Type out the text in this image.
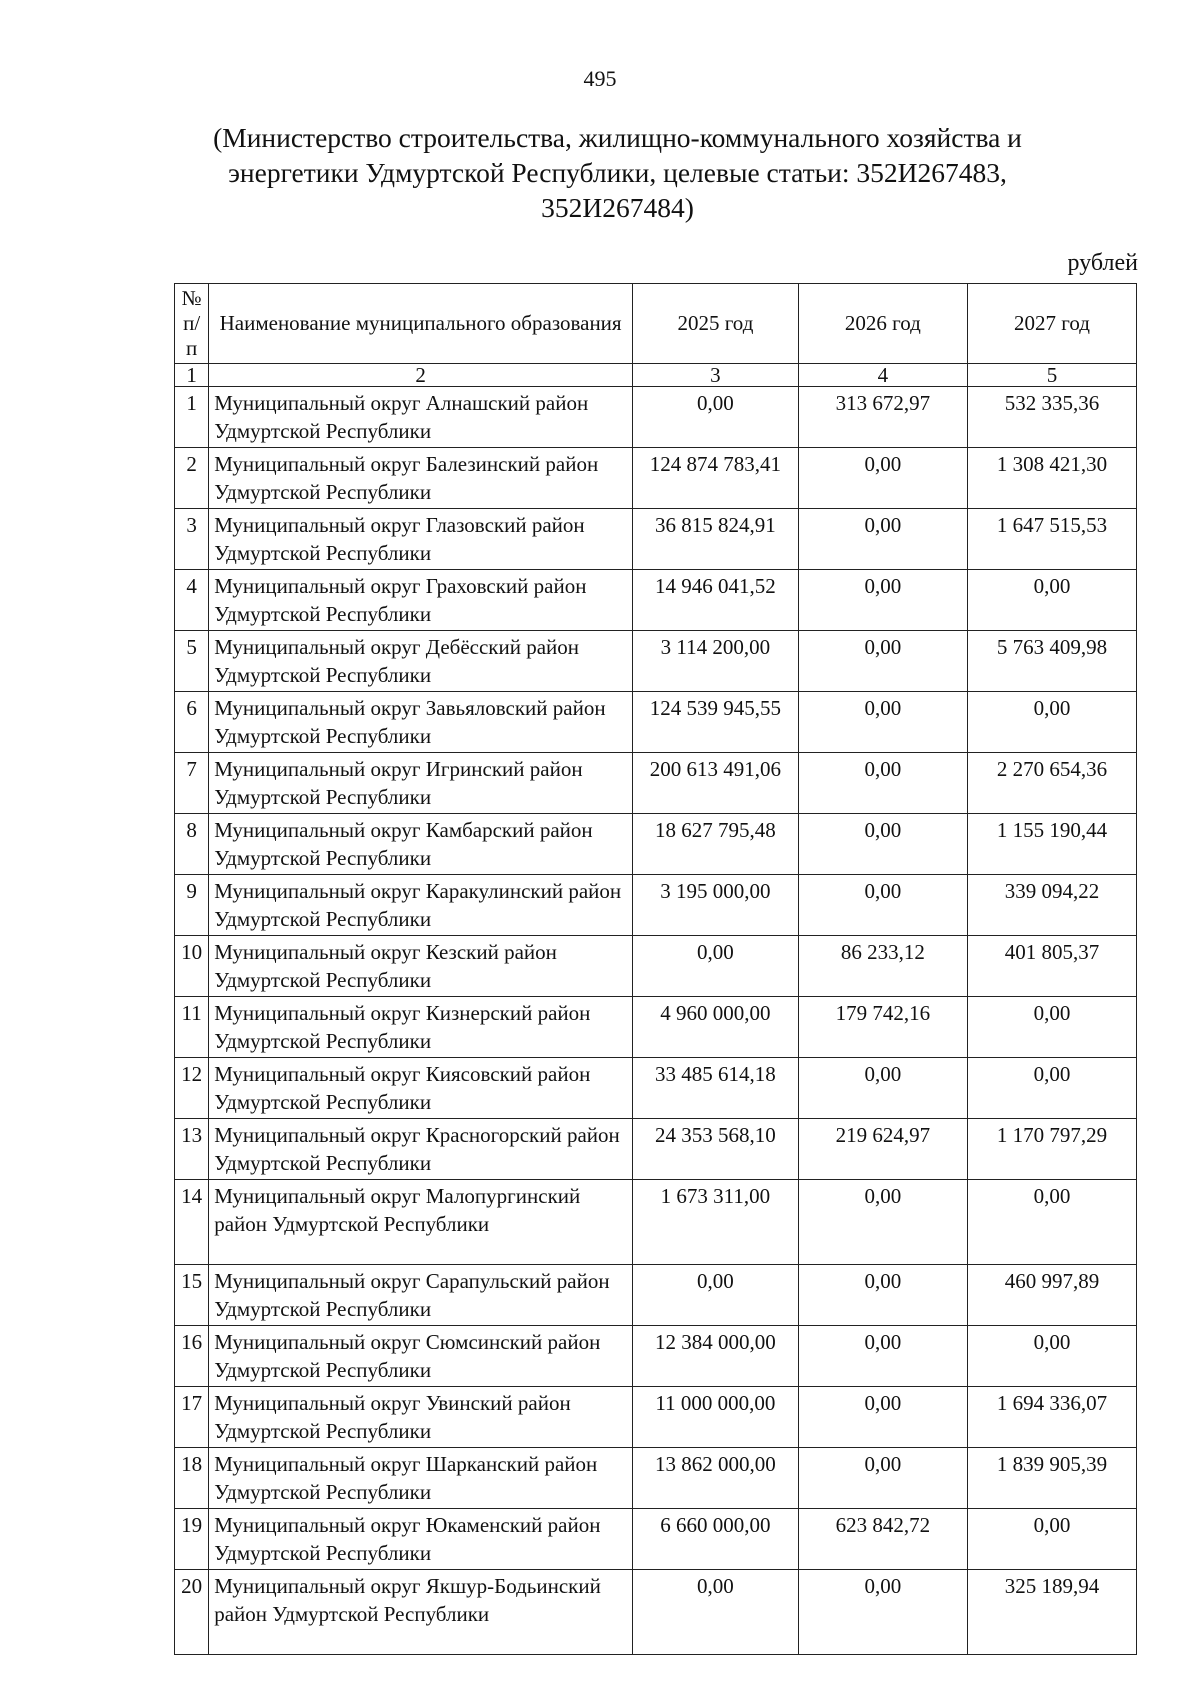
495
(Министерство строительства, жилищно-коммунального хозяйства и
энергетики Удмуртской Республики, целевые статьи: 352И267483,
352И267484)
рублей
№ п/п	Наименование муниципального образования	2025 год	2026 год	2027 год
1	2	3	4	5
1	Муниципальный округ Алнашский район Удмуртской Республики	0,00	313 672,97	532 335,36
2	Муниципальный округ Балезинский район Удмуртской Республики	124 874 783,41	0,00	1 308 421,30
3	Муниципальный округ Глазовский район Удмуртской Республики	36 815 824,91	0,00	1 647 515,53
4	Муниципальный округ Граховский район Удмуртской Республики	14 946 041,52	0,00	0,00
5	Муниципальный округ Дебёсский район Удмуртской Республики	3 114 200,00	0,00	5 763 409,98
6	Муниципальный округ Завьяловский район Удмуртской Республики	124 539 945,55	0,00	0,00
7	Муниципальный округ Игринский район Удмуртской Республики	200 613 491,06	0,00	2 270 654,36
8	Муниципальный округ Камбарский район Удмуртской Республики	18 627 795,48	0,00	1 155 190,44
9	Муниципальный округ Каракулинский район Удмуртской Республики	3 195 000,00	0,00	339 094,22
10	Муниципальный округ Кезский район Удмуртской Республики	0,00	86 233,12	401 805,37
11	Муниципальный округ Кизнерский район Удмуртской Республики	4 960 000,00	179 742,16	0,00
12	Муниципальный округ Киясовский район Удмуртской Республики	33 485 614,18	0,00	0,00
13	Муниципальный округ Красногорский район Удмуртской Республики	24 353 568,10	219 624,97	1 170 797,29
14	Муниципальный округ Малопургинский район Удмуртской Республики	1 673 311,00	0,00	0,00
15	Муниципальный округ Сарапульский район Удмуртской Республики	0,00	0,00	460 997,89
16	Муниципальный округ Сюмсинский район Удмуртской Республики	12 384 000,00	0,00	0,00
17	Муниципальный округ Увинский район Удмуртской Республики	11 000 000,00	0,00	1 694 336,07
18	Муниципальный округ Шарканский район Удмуртской Республики	13 862 000,00	0,00	1 839 905,39
19	Муниципальный округ Юкаменский район Удмуртской Республики	6 660 000,00	623 842,72	0,00
20	Муниципальный округ Якшур-Бодьинский район Удмуртской Республики	0,00	0,00	325 189,94
